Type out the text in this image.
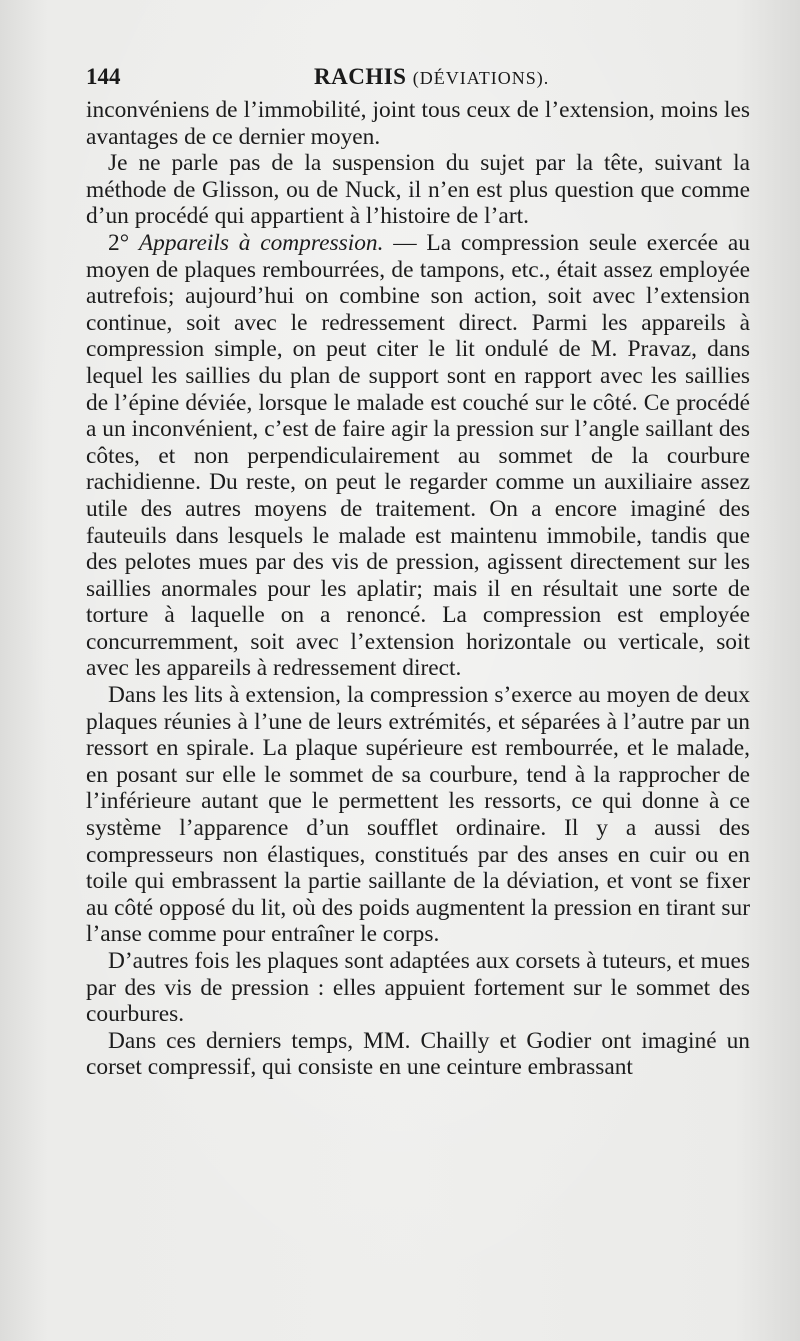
144	RACHIS (DÉVIATIONS).

inconvéniens de l’immobilité, joint tous ceux de l’extension, moins les avantages de ce dernier moyen.

Je ne parle pas de la suspension du sujet par la tête, suivant la méthode de Glisson, ou de Nuck, il n’en est plus question que comme d’un procédé qui appartient à l’histoire de l’art.

2° Appareils à compression. — La compression seule exercée au moyen de plaques rembourrées, de tampons, etc., était assez employée autrefois; aujourd’hui on combine son action, soit avec l’extension continue, soit avec le redressement direct. Parmi les appareils à compression simple, on peut citer le lit ondulé de M. Pravaz, dans lequel les saillies du plan de support sont en rapport avec les saillies de l’épine déviée, lorsque le malade est couché sur le côté. Ce procédé a un inconvénient, c’est de faire agir la pression sur l’angle saillant des côtes, et non perpendiculairement au sommet de la courbure rachidienne. Du reste, on peut le regarder comme un auxiliaire assez utile des autres moyens de traitement. On a encore imaginé des fauteuils dans lesquels le malade est maintenu immobile, tandis que des pelotes mues par des vis de pression, agissent directement sur les saillies anormales pour les aplatir; mais il en résultait une sorte de torture à laquelle on a renoncé. La compression est employée concurremment, soit avec l’extension horizontale ou verticale, soit avec les appareils à redressement direct.

Dans les lits à extension, la compression s’exerce au moyen de deux plaques réunies à l’une de leurs extrémités, et séparées à l’autre par un ressort en spirale. La plaque supérieure est rembourrée, et le malade, en posant sur elle le sommet de sa courbure, tend à la rapprocher de l’inférieure autant que le permettent les ressorts, ce qui donne à ce système l’apparence d’un soufflet ordinaire. Il y a aussi des compresseurs non élastiques, constitués par des anses en cuir ou en toile qui embrassent la partie saillante de la déviation, et vont se fixer au côté opposé du lit, où des poids augmentent la pression en tirant sur l’anse comme pour entraîner le corps.

D’autres fois les plaques sont adaptées aux corsets à tuteurs, et mues par des vis de pression : elles appuient fortement sur le sommet des courbures.

Dans ces derniers temps, MM. Chailly et Godier ont imaginé un corset compressif, qui consiste en une ceinture embrassant
